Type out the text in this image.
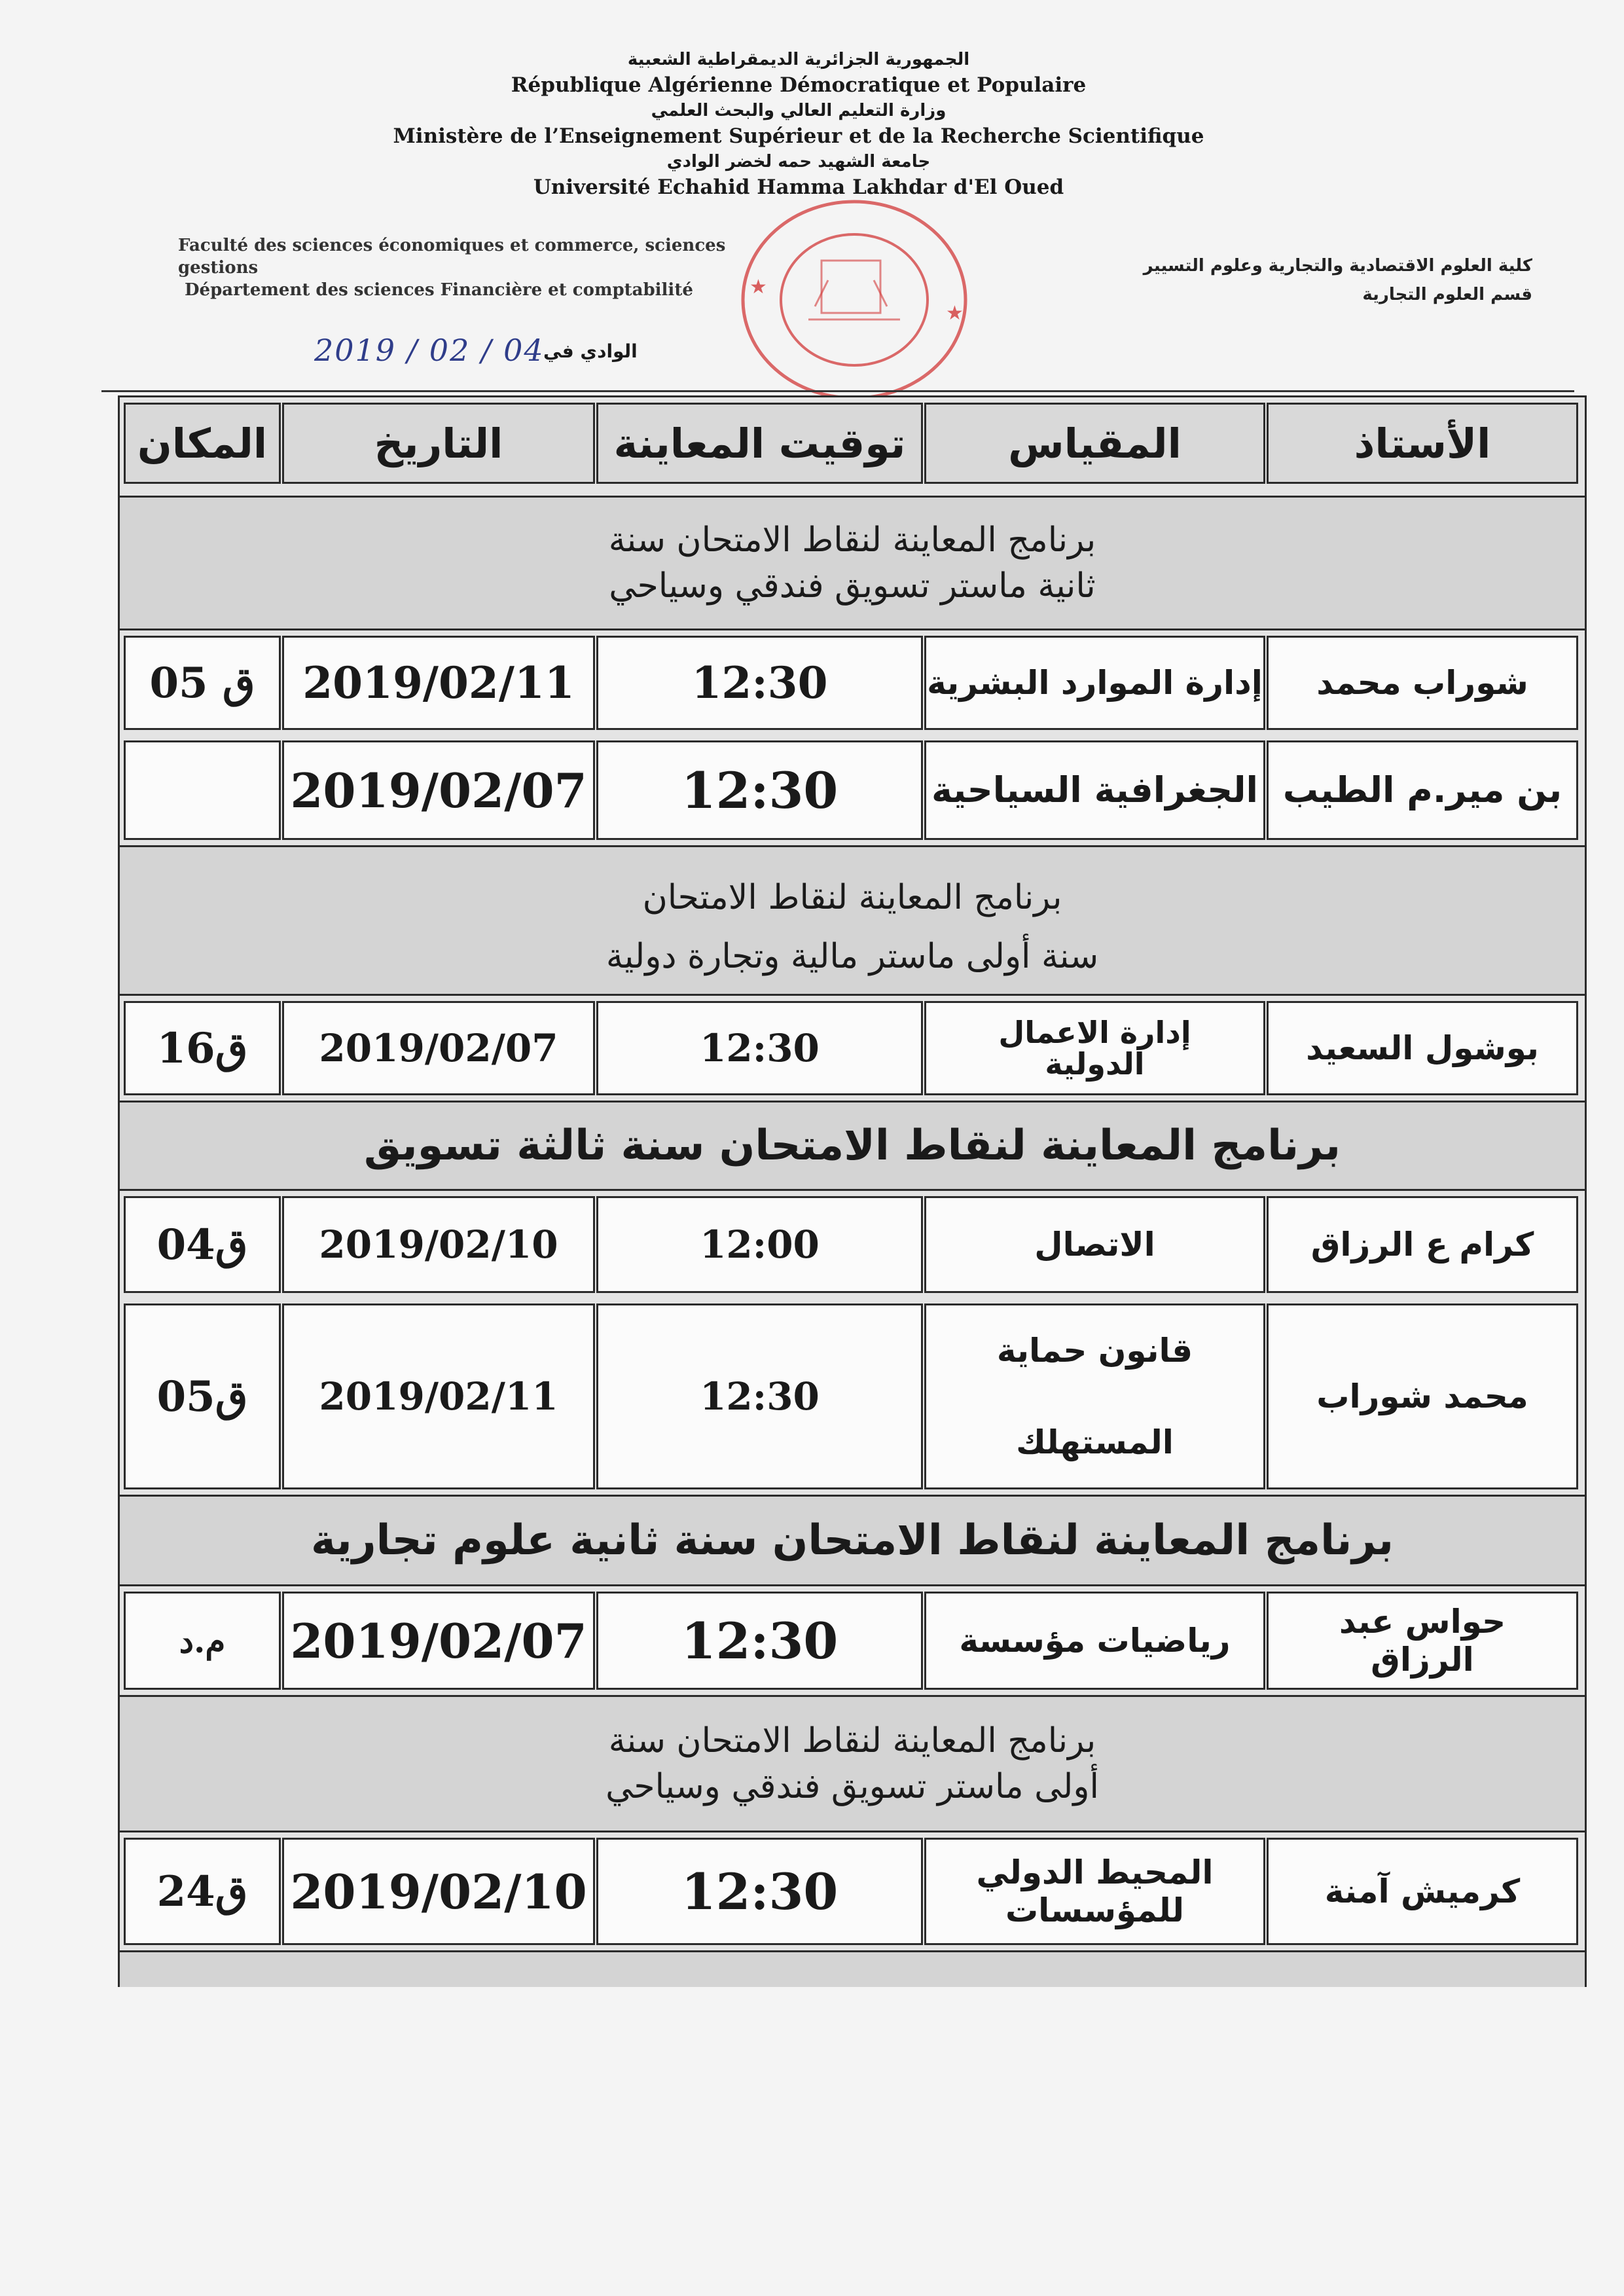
الجمهورية الجزائرية الديمقراطية الشعبية
République Algérienne Démocratique et Populaire
وزارة التعليم العالي والبحث العلمي
Ministère de l’Enseignement Supérieur et de la Recherche Scientifique
جامعة الشهيد حمه لخضر الوادي
Université Echahid Hamma Lakhdar d'El Oued
Faculté des sciences économiques et commerce, sciences
gestions
Département des sciences Financière et comptabilité
كلية العلوم الاقتصادية والتجارية وعلوم التسيير
قسم العلوم التجارية
2019 / 02 / 04
الوادي في
★
★
الأستاذ
المقياس
توقيت المعاينة
التاريخ
المكان
برنامج المعاينة لنقاط الامتحان سنة
ثانية ماستر تسويق فندقي وسياحي
شوراب محمد
إدارة الموارد البشرية
12:30
2019/02/11
ق 05
بن مير.م الطيب
الجغرافية السياحية
12:30
2019/02/07
برنامج المعاينة لنقاط الامتحان
سنة أولى ماستر مالية وتجارة دولية
بوشول السعيد
إدارة الاعمال
الدولية
12:30
2019/02/07
ق16
برنامج المعاينة لنقاط الامتحان سنة ثالثة تسويق
كرام ع الرزاق
الاتصال
12:00
2019/02/10
ق04
محمد شوراب
قانون حماية
المستهلك
12:30
2019/02/11
ق05
برنامج المعاينة لنقاط الامتحان سنة ثانية علوم تجارية
حواس عبد
الرزاق
رياضيات مؤسسة
12:30
2019/02/07
م.د
برنامج المعاينة لنقاط الامتحان سنة
أولى ماستر تسويق فندقي وسياحي
كرميش آمنة
المحيط الدولي
للمؤسسات
12:30
2019/02/10
ق24
